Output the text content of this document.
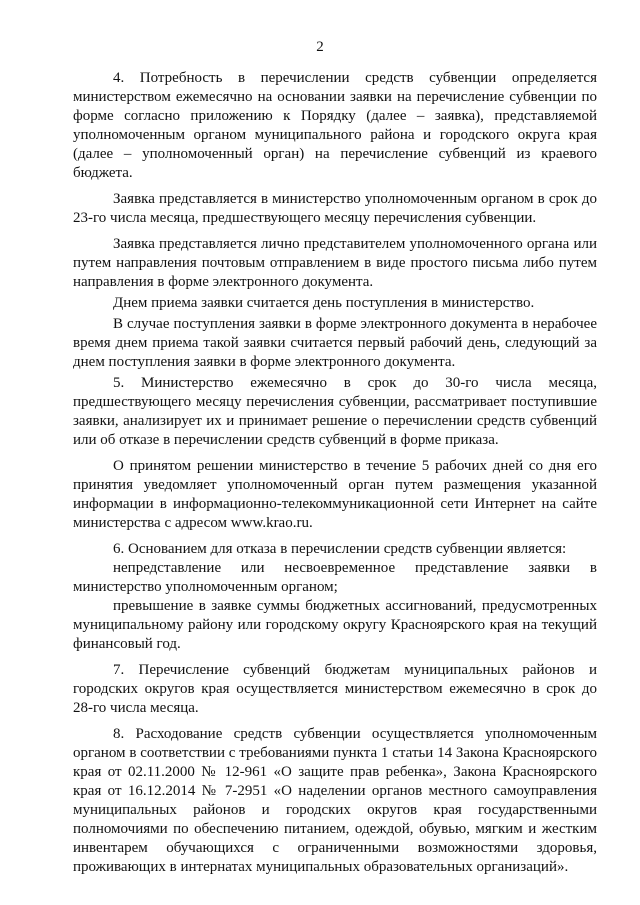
2

4. Потребность в перечислении средств субвенции определяется министерством ежемесячно на основании заявки на перечисление субвенции по форме согласно приложению к Порядку (далее – заявка), представляемой уполномоченным органом муниципального района и городского округа края (далее – уполномоченный орган) на перечисление субвенций из краевого бюджета.

Заявка представляется в министерство уполномоченным органом в срок до 23-го числа месяца, предшествующего месяцу перечисления субвенции.

Заявка представляется лично представителем уполномоченного органа или путем направления почтовым отправлением в виде простого письма либо путем направления в форме электронного документа.

Днем приема заявки считается день поступления в министерство.

В случае поступления заявки в форме электронного документа в нерабочее время днем приема такой заявки считается первый рабочий день, следующий за днем поступления заявки в форме электронного документа.

5. Министерство ежемесячно в срок до 30-го числа месяца, предшествующего месяцу перечисления субвенции, рассматривает поступившие заявки, анализирует их и принимает решение о перечислении средств субвенций или об отказе в перечислении средств субвенций в форме приказа.

О принятом решении министерство в течение 5 рабочих дней со дня его принятия уведомляет уполномоченный орган путем размещения указанной информации в информационно-телекоммуникационной сети Интернет на сайте министерства с адресом www.krao.ru.

6. Основанием для отказа в перечислении средств субвенции является:

непредставление или несвоевременное представление заявки в министерство уполномоченным органом;

превышение в заявке суммы бюджетных ассигнований, предусмотренных муниципальному району или городскому округу Красноярского края на текущий финансовый год.

7. Перечисление субвенций бюджетам муниципальных районов и городских округов края осуществляется министерством ежемесячно в срок до 28-го числа месяца.

8. Расходование средств субвенции осуществляется уполномоченным органом в соответствии с требованиями пункта 1 статьи 14 Закона Красноярского края от 02.11.2000 № 12-961 «О защите прав ребенка», Закона Красноярского края от 16.12.2014 № 7-2951 «О наделении органов местного самоуправления муниципальных районов и городских округов края государственными полномочиями по обеспечению питанием, одеждой, обувью, мягким и жестким инвентарем обучающихся с ограниченными возможностями здоровья, проживающих в интернатах муниципальных образовательных организаций».
